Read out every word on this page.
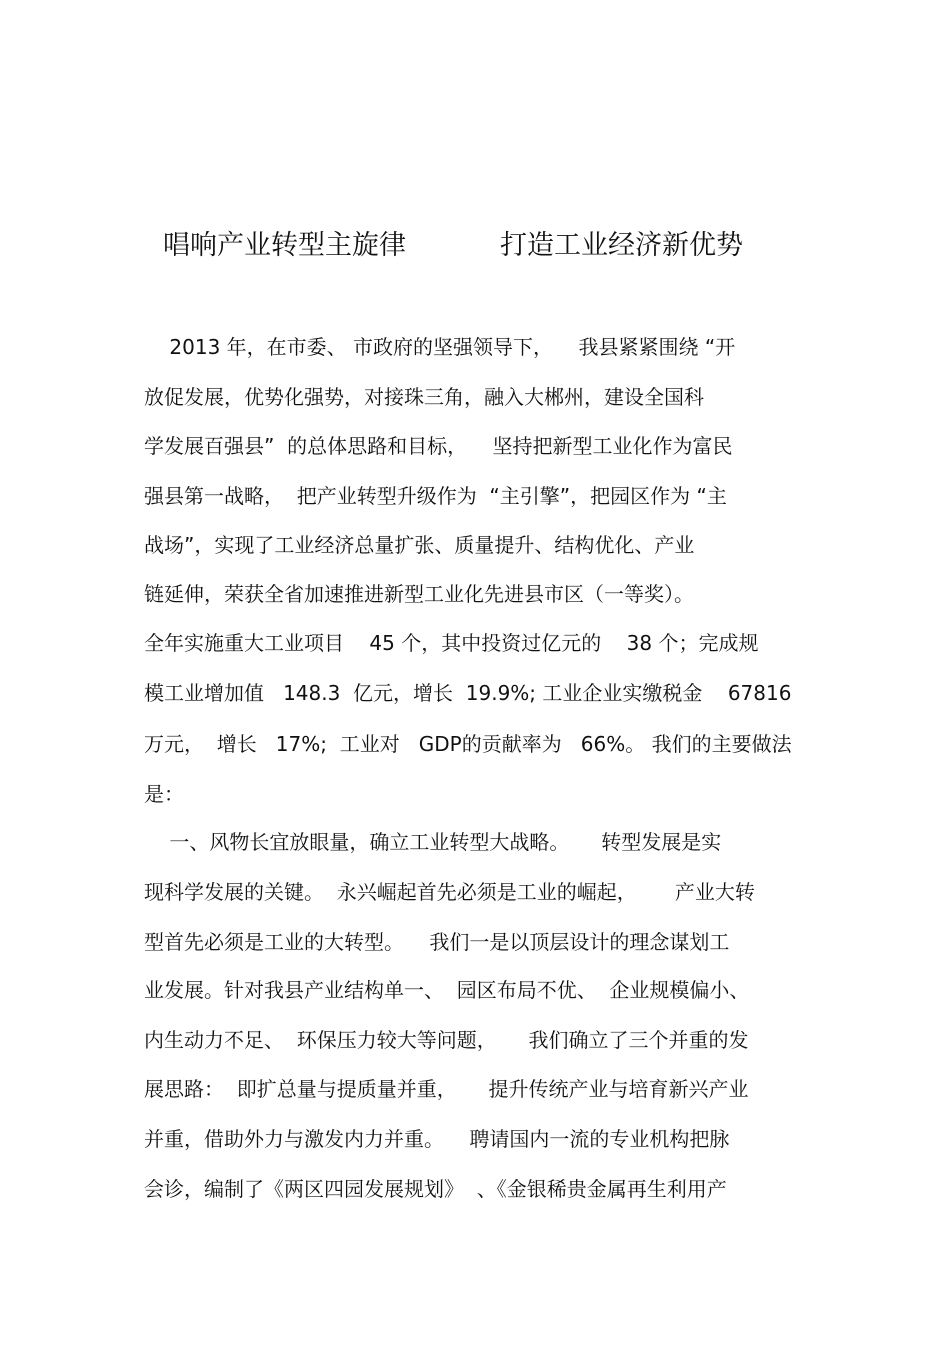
唱响产业转型主旋律	打造工业经济新优势
2013 年，在市委、 市政府的坚强领导下，    我县紧紧围绕 “开
放促发展，优势化强势，对接珠三角，融入大郴州，建设全国科
学发展百强县”  的总体思路和目标，    坚持把新型工业化作为富民
强县第一战略，  把产业转型升级作为  “主引擎”，把园区作为 “主
战场”，实现了工业经济总量扩张、质量提升、结构优化、产业
链延伸，荣获全省加速推进新型工业化先进县市区（一等奖）。
全年实施重大工业项目    45 个，其中投资过亿元的    38 个；完成规
模工业增加值   148.3  亿元，增长  19.9%; 工业企业实缴税金    67816
万元，  增长   17%;  工业对   GDP的贡献率为   66%。 我们的主要做法
是：
一、风物长宜放眼量，确立工业转型大战略。     转型发展是实
现科学发展的关键。  永兴崛起首先必须是工业的崛起，      产业大转
型首先必须是工业的大转型。    我们一是以顶层设计的理念谋划工
业发展。针对我县产业结构单一、  园区布局不优、  企业规模偏小、
内生动力不足、  环保压力较大等问题，     我们确立了三个并重的发
展思路：  即扩总量与提质量并重，     提升传统产业与培育新兴产业
并重，借助外力与激发内力并重。    聘请国内一流的专业机构把脉
会诊，编制了《两区四园发展规划》  、《金银稀贵金属再生利用产
